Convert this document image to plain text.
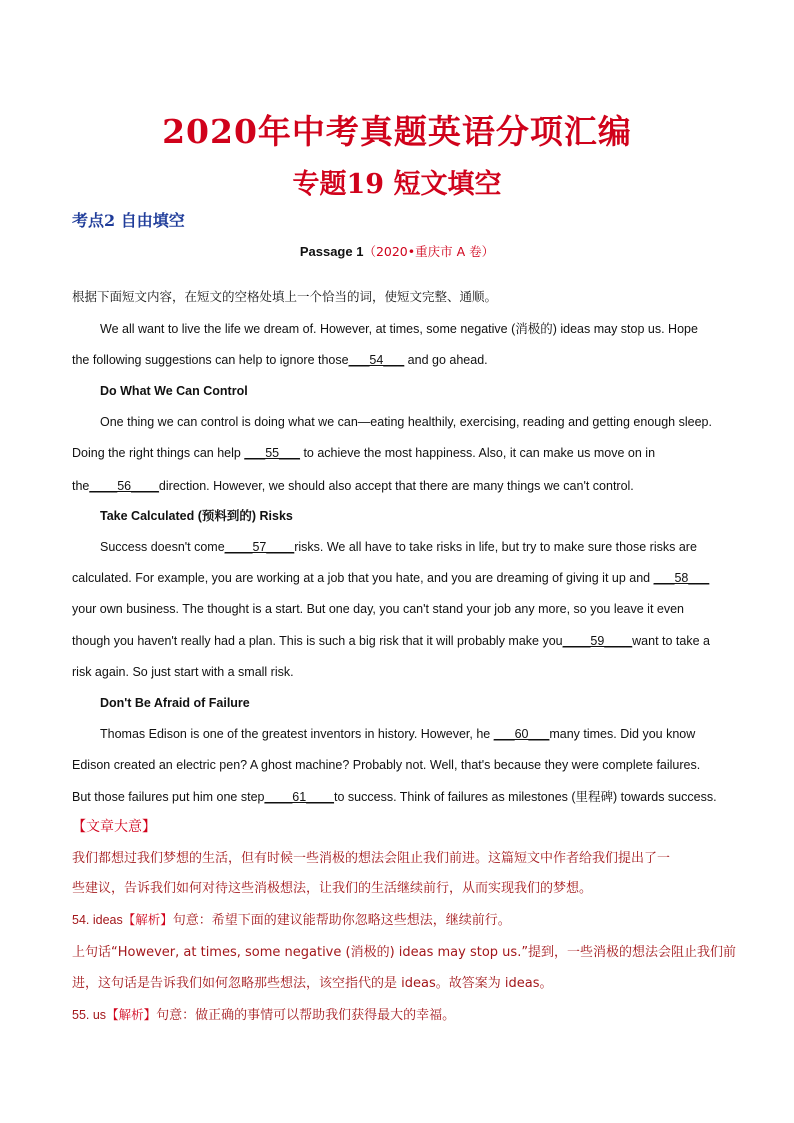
2020年中考真题英语分项汇编
专题19 短文填空
考点2 自由填空
Passage 1（2020•重庆市 A 卷）
根据下面短文内容，在短文的空格处填上一个恰当的词，使短文完整、通顺。
We all want to live the life we dream of. However, at times, some negative (消极的) ideas may stop us. Hope
the following suggestions can help to ignore those___54___ and go ahead.
Do What We Can Control
One thing we can control is doing what we can—eating healthily, exercising, reading and getting enough sleep.
Doing the right things can help ___55___ to achieve the most happiness. Also, it can make us move on in
the____56____direction. However, we should also accept that there are many things we can't control.
Take Calculated (预料到的) Risks
Success doesn't come____57____risks. We all have to take risks in life, but try to make sure those risks are
calculated. For example, you are working at a job that you hate, and you are dreaming of giving it up and ___58___
your own business. The thought is a start. But one day, you can't stand your job any more, so you leave it even
though you haven't really had a plan. This is such a big risk that it will probably make you____59____want to take a
risk again. So just start with a small risk.
Don't Be Afraid of Failure
Thomas Edison is one of the greatest inventors in history. However, he ___60___many times. Did you know
Edison created an electric pen? A ghost machine? Probably not. Well, that's because they were complete failures.
But those failures put him one step____61____to success. Think of failures as milestones (里程碑) towards success.
【文章大意】
我们都想过我们梦想的生活，但有时候一些消极的想法会阻止我们前进。这篇短文中作者给我们提出了一
些建议，告诉我们如何对待这些消极想法，让我们的生活继续前行，从而实现我们的梦想。
54. ideas【解析】句意：希望下面的建议能帮助你忽略这些想法，继续前行。
上句话“However, at times, some negative (消极的) ideas may stop us.”提到，一些消极的想法会阻止我们前
进，这句话是告诉我们如何忽略那些想法，该空指代的是 ideas。故答案为 ideas。
55. us【解析】句意：做正确的事情可以帮助我们获得最大的幸福。
